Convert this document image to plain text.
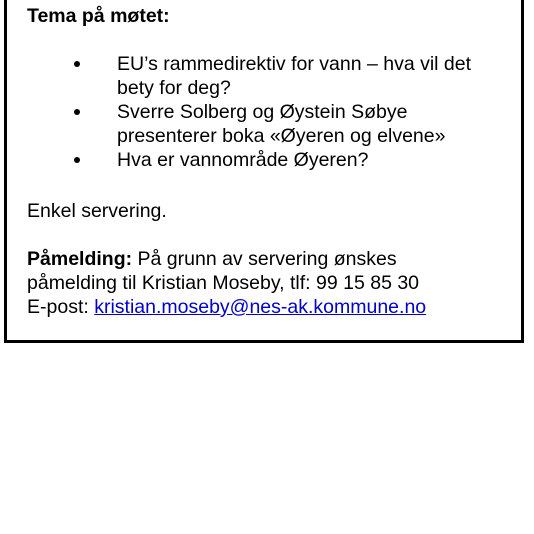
Tema på møtet:

EU’s rammedirektiv for vann – hva vil det
bety for deg?
Sverre Solberg og Øystein Søbye
presenterer boka «Øyeren og elvene»
Hva er vannområde Øyeren?

Enkel servering.

Påmelding: På grunn av servering ønskes
påmelding til Kristian Moseby, tlf: 99 15 85 30
E-post: kristian.moseby@nes-ak.kommune.no
